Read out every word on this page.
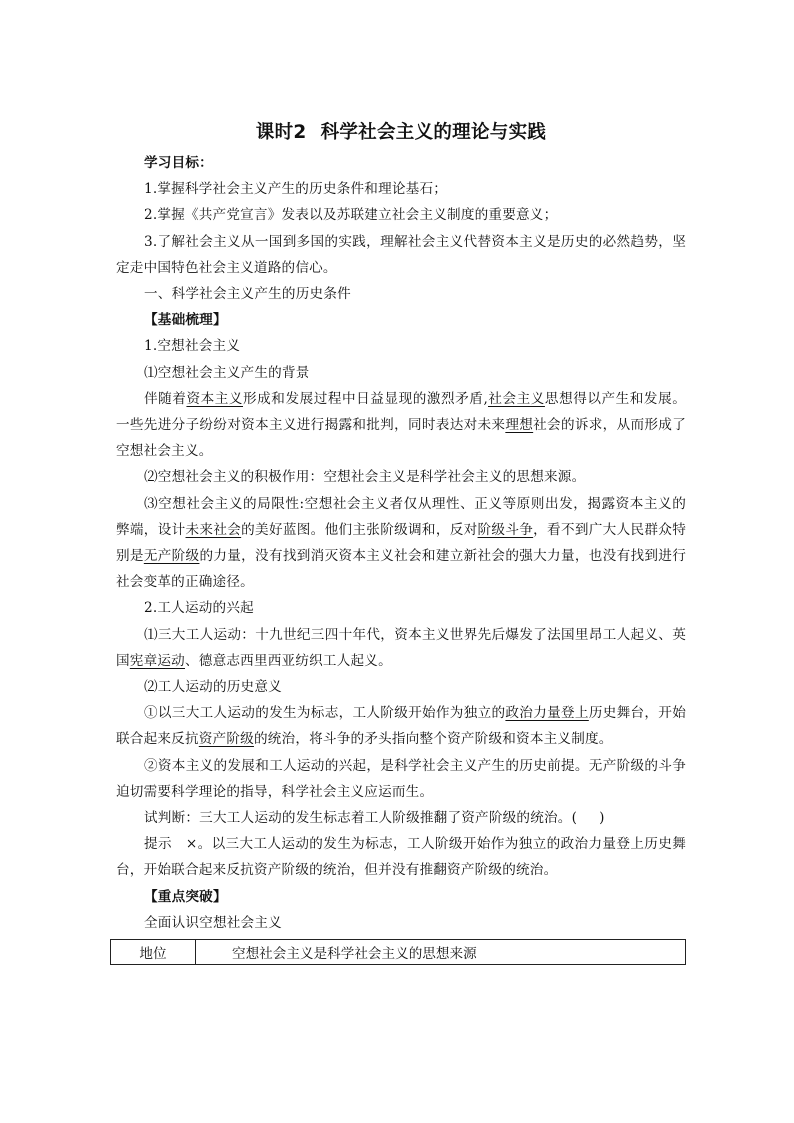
课时2 科学社会主义的理论与实践

学习目标：

1.掌握科学社会主义产生的历史条件和理论基石；

2.掌握《共产党宣言》发表以及苏联建立社会主义制度的重要意义；

3.了解社会主义从一国到多国的实践，理解社会主义代替资本主义是历史的必然趋势，坚定走中国特色社会主义道路的信心。

一、科学社会主义产生的历史条件

【基础梳理】

1.空想社会主义

⑴空想社会主义产生的背景

伴随着资本主义形成和发展过程中日益显现的激烈矛盾,社会主义思想得以产生和发展。一些先进分子纷纷对资本主义进行揭露和批判，同时表达对未来理想社会的诉求，从而形成了空想社会主义。

⑵空想社会主义的积极作用：空想社会主义是科学社会主义的思想来源。

⑶空想社会主义的局限性:空想社会主义者仅从理性、正义等原则出发，揭露资本主义的弊端，设计未来社会的美好蓝图。他们主张阶级调和，反对阶级斗争，看不到广大人民群众特别是无产阶级的力量，没有找到消灭资本主义社会和建立新社会的强大力量，也没有找到进行社会变革的正确途径。

2.工人运动的兴起

⑴三大工人运动：十九世纪三四十年代，资本主义世界先后爆发了法国里昂工人起义、英国宪章运动、德意志西里西亚纺织工人起义。

⑵工人运动的历史意义

①以三大工人运动的发生为标志，工人阶级开始作为独立的政治力量登上历史舞台，开始联合起来反抗资产阶级的统治，将斗争的矛头指向整个资产阶级和资本主义制度。

②资本主义的发展和工人运动的兴起，是科学社会主义产生的历史前提。无产阶级的斗争迫切需要科学理论的指导，科学社会主义应运而生。

试判断：三大工人运动的发生标志着工人阶级推翻了资产阶级的统治。( )

提示　×。以三大工人运动的发生为标志，工人阶级开始作为独立的政治力量登上历史舞台，开始联合起来反抗资产阶级的统治，但并没有推翻资产阶级的统治。

【重点突破】

全面认识空想社会主义

地位	空想社会主义是科学社会主义的思想来源
